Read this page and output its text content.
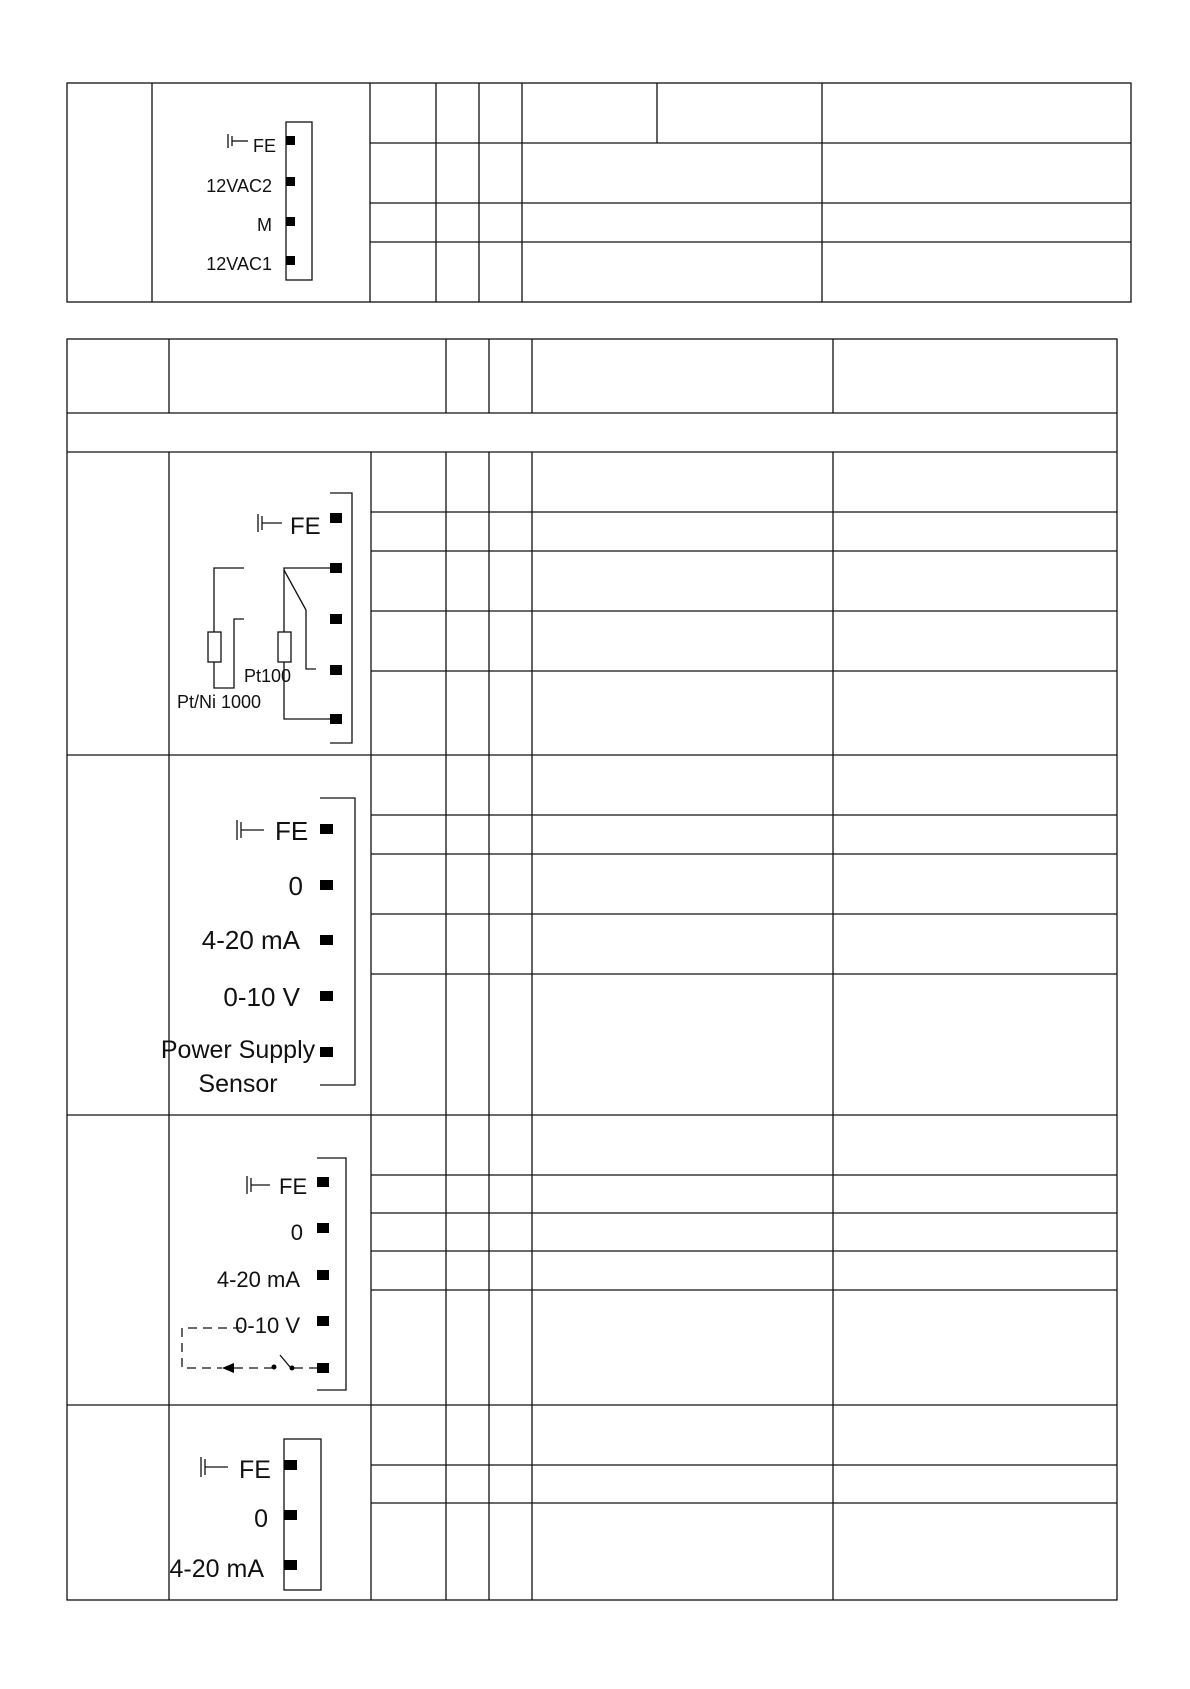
FE
12VAC2
M
12VAC1
FE
Pt/Ni 1000
Pt100
FE
0
4-20 mA
0-10 V
Power Supply
Sensor
FE
0
4-20 mA
0-10 V
FE
0
4-20 mA
